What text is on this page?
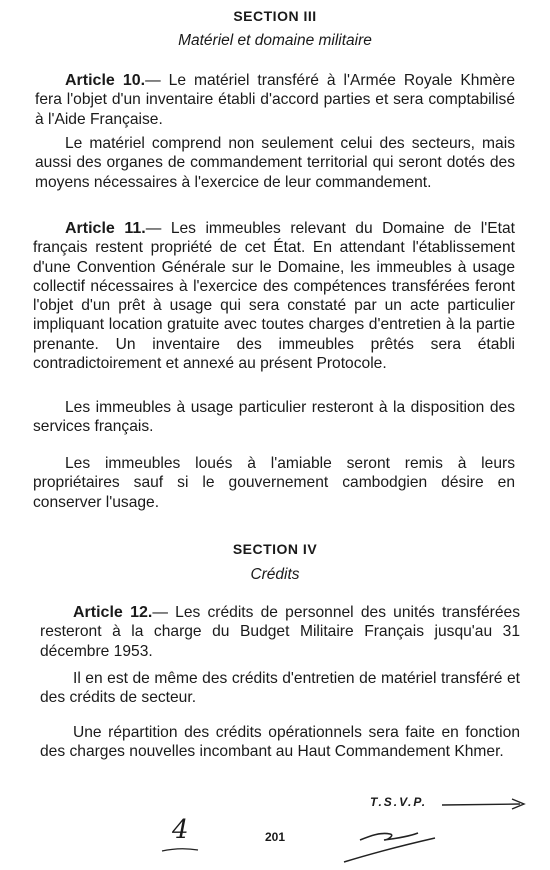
SECTION III
Matériel et domaine militaire

Article 10.— Le matériel transféré à l'Armée Royale Khmère fera l'objet d'un inventaire établi d'accord parties et sera comptabilisé à l'Aide Française.

Le matériel comprend non seulement celui des secteurs, mais aussi des organes de commandement territorial qui seront dotés des moyens nécessaires à l'exercice de leur commandement.

Article 11.— Les immeubles relevant du Domaine de l'Etat français restent propriété de cet État. En attendant l'établissement d'une Convention Générale sur le Domaine, les immeubles à usage collectif nécessaires à l'exercice des compétences transférées feront l'objet d'un prêt à usage qui sera constaté par un acte particulier impliquant location gratuite avec toutes charges d'entretien à la partie prenante. Un inventaire des immeubles prêtés sera établi contradictoirement et annexé au présent Protocole.

Les immeubles à usage particulier resteront à la disposition des services français.

Les immeubles loués à l'amiable seront remis à leurs propriétaires sauf si le gouvernement cambodgien désire en conserver l'usage.

SECTION IV
Crédits

Article 12.— Les crédits de personnel des unités transférées resteront à la charge du Budget Militaire Français jusqu'au 31 décembre 1953.

Il en est de même des crédits d'entretien de matériel transféré et des crédits de secteur.

Une répartition des crédits opérationnels sera faite en fonction des charges nouvelles incombant au Haut Commandement Khmer.

T.S.V.P.
4	201
